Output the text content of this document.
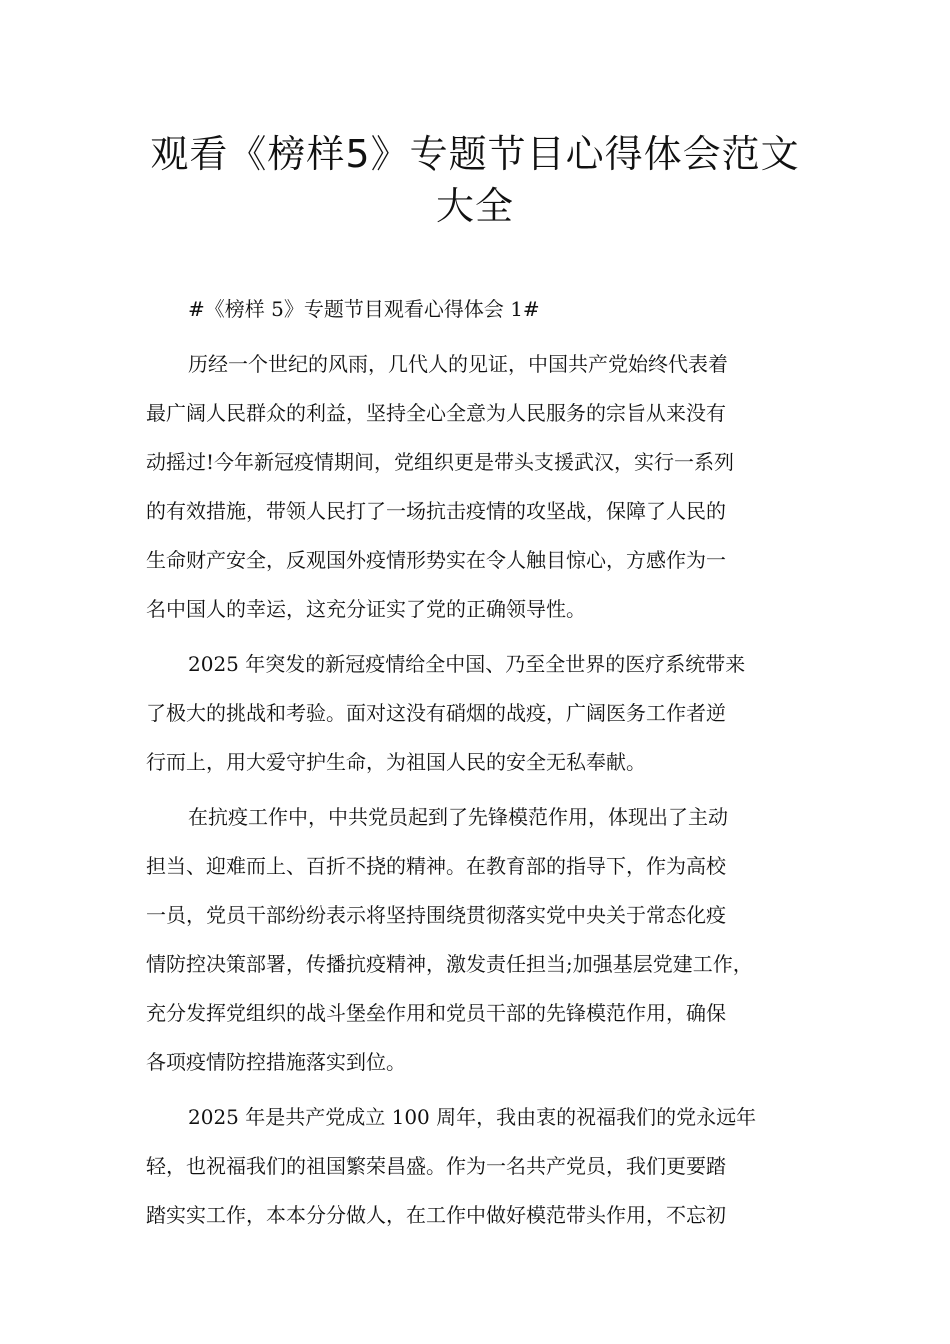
观看《榜样5》专题节目心得体会范文
大全
#《榜样 5》专题节目观看心得体会 1#
历经一个世纪的风雨，几代人的见证，中国共产党始终代表着
最广阔人民群众的利益，坚持全心全意为人民服务的宗旨从来没有
动摇过!今年新冠疫情期间，党组织更是带头支援武汉，实行一系列
的有效措施，带领人民打了一场抗击疫情的攻坚战，保障了人民的
生命财产安全，反观国外疫情形势实在令人触目惊心，方感作为一
名中国人的幸运，这充分证实了党的正确领导性。
2025 年突发的新冠疫情给全中国、乃至全世界的医疗系统带来
了极大的挑战和考验。面对这没有硝烟的战疫，广阔医务工作者逆
行而上，用大爱守护生命，为祖国人民的安全无私奉献。
在抗疫工作中，中共党员起到了先锋模范作用，体现出了主动
担当、迎难而上、百折不挠的精神。在教育部的指导下，作为高校
一员，党员干部纷纷表示将坚持围绕贯彻落实党中央关于常态化疫
情防控决策部署，传播抗疫精神，激发责任担当;加强基层党建工作，
充分发挥党组织的战斗堡垒作用和党员干部的先锋模范作用，确保
各项疫情防控措施落实到位。
2025 年是共产党成立 100 周年，我由衷的祝福我们的党永远年
轻，也祝福我们的祖国繁荣昌盛。作为一名共产党员，我们更要踏
踏实实工作，本本分分做人，在工作中做好模范带头作用，不忘初
